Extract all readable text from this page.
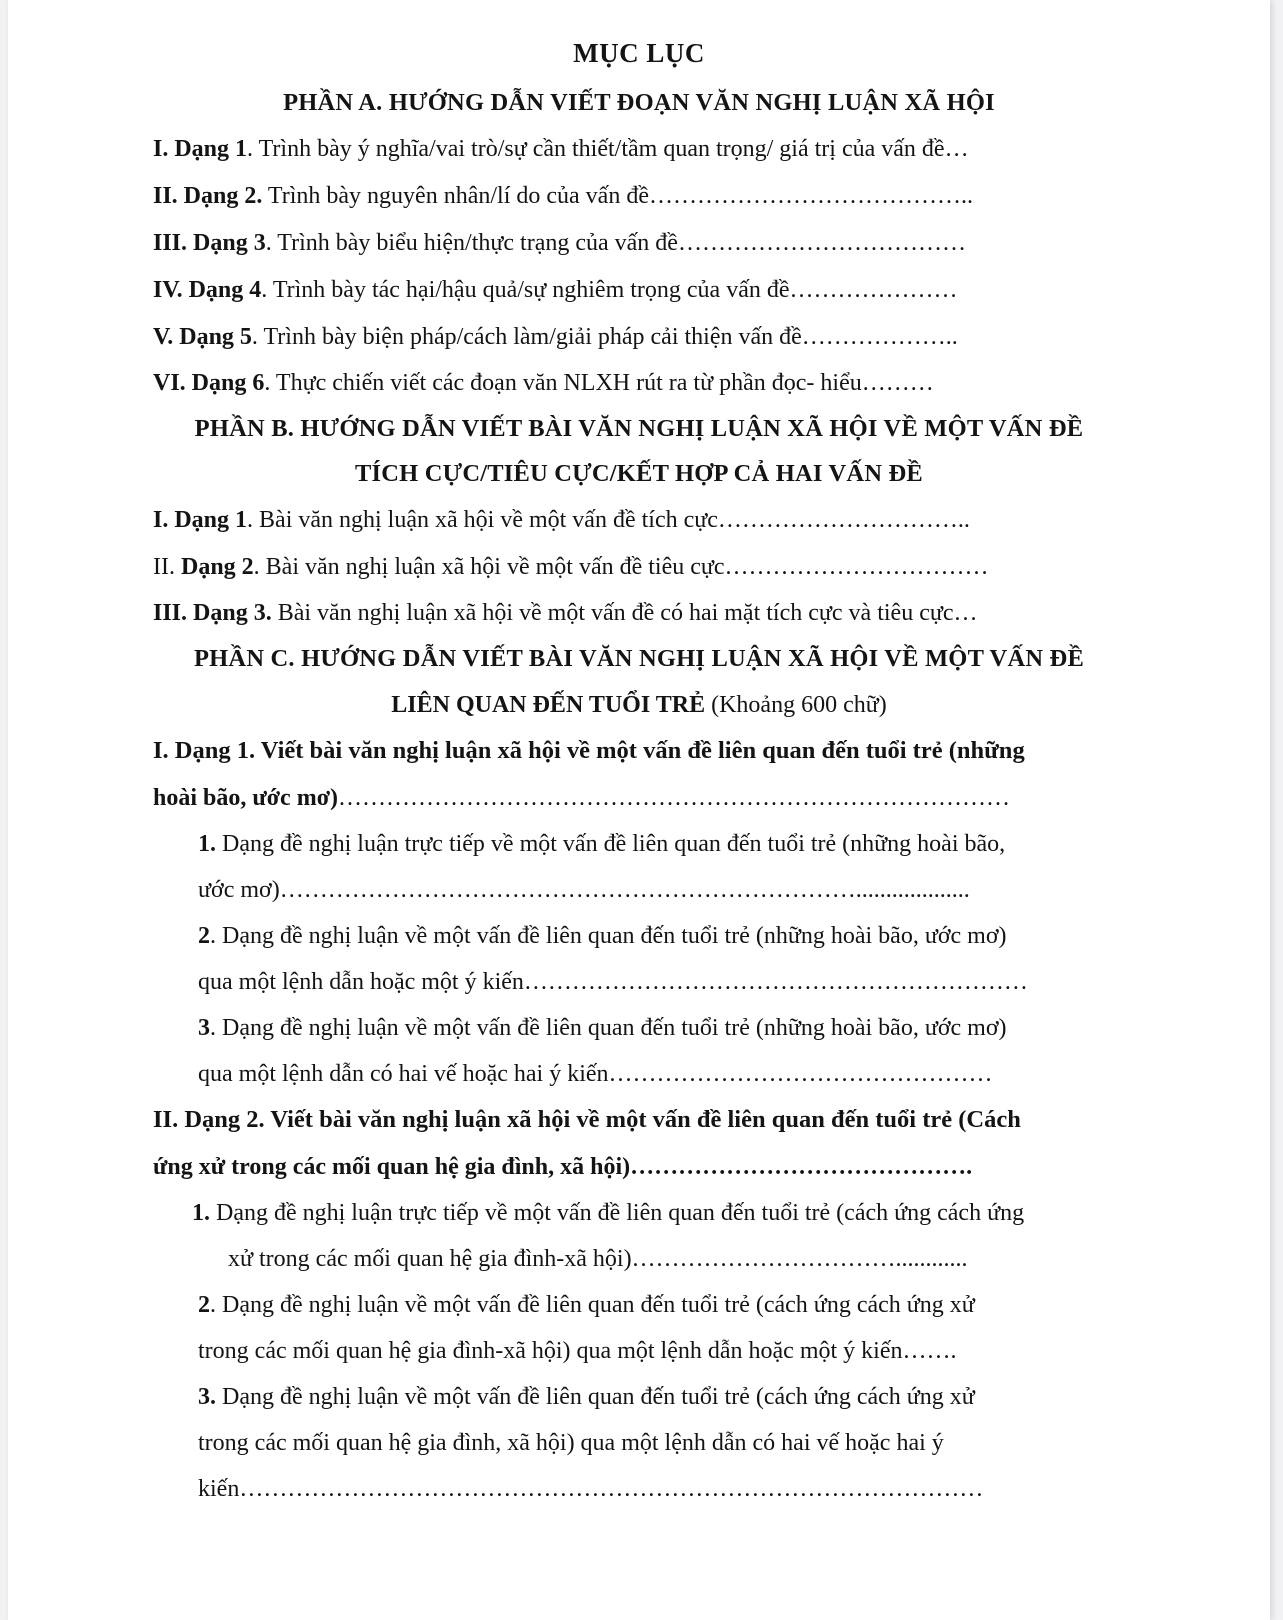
MỤC LỤC
PHẦN A. HƯỚNG DẪN VIẾT ĐOẠN VĂN NGHỊ LUẬN XÃ HỘI
I. Dạng 1. Trình bày ý nghĩa/vai trò/sự cần thiết/tầm quan trọng/ giá trị của vấn đề…
II. Dạng 2. Trình bày nguyên nhân/lí do của vấn đề…………………………………..
III. Dạng 3. Trình bày biểu hiện/thực trạng của vấn đề………………………………
IV. Dạng 4. Trình bày tác hại/hậu quả/sự nghiêm trọng của vấn đề…………………
V. Dạng 5. Trình bày biện pháp/cách làm/giải pháp cải thiện vấn đề………………..
VI. Dạng 6. Thực chiến viết các đoạn văn NLXH rút ra từ phần đọc- hiểu………
PHẦN B. HƯỚNG DẪN VIẾT BÀI VĂN NGHỊ LUẬN XÃ HỘI VỀ MỘT VẤN ĐỀ
TÍCH CỰC/TIÊU CỰC/KẾT HỢP CẢ HAI VẤN ĐỀ
I. Dạng 1. Bài văn nghị luận xã hội về một vấn đề tích cực…………………………..
II. Dạng 2. Bài văn nghị luận xã hội về một vấn đề tiêu cực……………………………
III. Dạng 3. Bài văn nghị luận xã hội về một vấn đề có hai mặt tích cực và tiêu cực…
PHẦN C. HƯỚNG DẪN VIẾT BÀI VĂN NGHỊ LUẬN XÃ HỘI VỀ MỘT VẤN ĐỀ
LIÊN QUAN ĐẾN TUỔI TRẺ (Khoảng 600 chữ)
I. Dạng 1. Viết bài văn nghị luận xã hội về một vấn đề liên quan đến tuổi trẻ (những
hoài bão, ước mơ)…………………………………………………………………………
1. Dạng đề nghị luận trực tiếp về một vấn đề liên quan đến tuổi trẻ (những hoài bão,
ước mơ)………………………………………………………………...................
2. Dạng đề nghị luận về một vấn đề liên quan đến tuổi trẻ (những hoài bão, ước mơ)
qua một lệnh dẫn hoặc một ý kiến………………………………………………………
3. Dạng đề nghị luận về một vấn đề liên quan đến tuổi trẻ (những hoài bão, ước mơ)
qua một lệnh dẫn có hai vế hoặc hai ý kiến…………………………………………
II. Dạng 2. Viết bài văn nghị luận xã hội về một vấn đề liên quan đến tuổi trẻ (Cách
ứng xử trong các mối quan hệ gia đình, xã hội)…………………………………….
1. Dạng đề nghị luận trực tiếp về một vấn đề liên quan đến tuổi trẻ (cách ứng cách ứng
xử trong các mối quan hệ gia đình-xã hội)……………………………............
2. Dạng đề nghị luận về một vấn đề liên quan đến tuổi trẻ (cách ứng cách ứng xử
trong các mối quan hệ gia đình-xã hội) qua một lệnh dẫn hoặc một ý kiến…….
3. Dạng đề nghị luận về một vấn đề liên quan đến tuổi trẻ (cách ứng cách ứng xử
trong các mối quan hệ gia đình, xã hội) qua một lệnh dẫn có hai vế hoặc hai ý
kiến…………………………………………………………………………………
